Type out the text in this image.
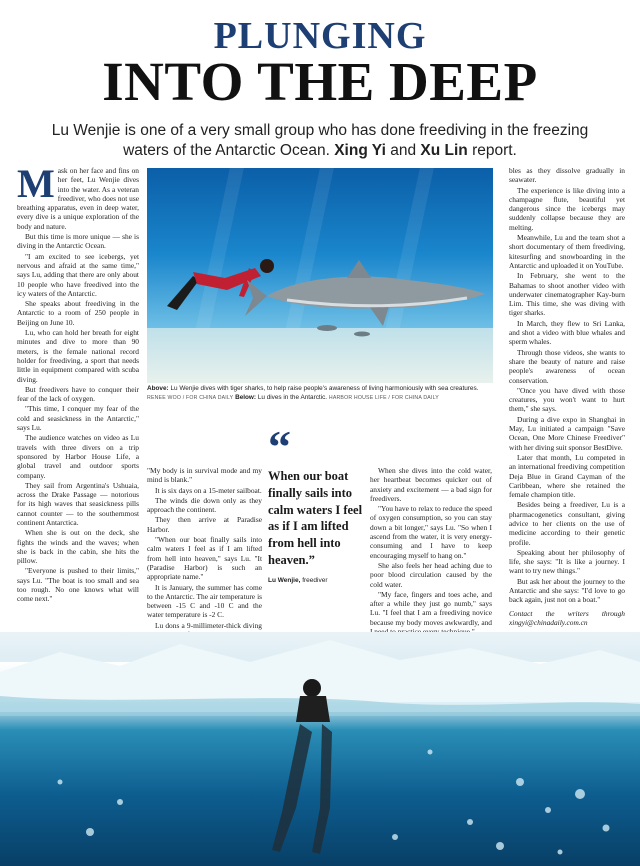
PLUNGING
INTO THE DEEP
Lu Wenjie is one of a very small group who has done freediving in the freezing waters of the Antarctic Ocean. Xing Yi and Xu Lin report.

Mask on her face and fins on her feet, Lu Wenjie dives into the water. As a veteran freediver, who does not use breathing apparatus, even in deep water, every dive is a unique exploration of the body and nature.

But this time is more unique — she is diving in the Antarctic Ocean.

"I am excited to see icebergs, yet nervous and afraid at the same time," says Lu, adding that there are only about 10 people who have freedived into the icy waters of the Antarctic.

She speaks about freediving in the Antarctic to a room of 250 people in Beijing on June 10.

Lu, who can hold her breath for eight minutes and dive to more than 90 meters, is the female national record holder for freediving, a sport that needs little in equipment compared with scuba diving.

But freedivers have to conquer their fear of the lack of oxygen.

"This time, I conquer my fear of the cold and seasickness in the Antarctic," says Lu.

The audience watches on video as Lu travels with three divers on a trip sponsored by Harbor House Life, a global travel and outdoor sports company.

They sail from Argentina's Ushuaia, across the Drake Passage — notorious for its high waves that seasickness pills cannot counter — to the southernmost continent Antarctica.

When she is out on the deck, she fights the winds and the waves; when she is back in the cabin, she hits the pillow.

"Everyone is pushed to their limits," says Lu. "The boat is too small and sea too rough. No one knows what will come next."

Above: Lu Wenjie dives with tiger sharks, to help raise people's awareness of living harmoniously with sea creatures. RENEE WOO / FOR CHINA DAILY Below: Lu dives in the Antarctic. HARBOR HOUSE LIFE / FOR CHINA DAILY

"My body is in survival mode and my mind is blank."

It is six days on a 15-meter sailboat.

The winds die down only as they approach the continent.

They then arrive at Paradise Harbor.

"When our boat finally sails into calm waters I feel as if I am lifted from hell into heaven," says Lu. "It (Paradise Harbor) is such an appropriate name."

It is January, the summer has come to the Antarctic. The air temperature is between -15 C and -10 C and the water temperature is -2 C.

Lu dons a 9-millimeter-thick diving

“
When our boat finally sails into calm waters I feel as if I am lifted from hell into heaven.”
Lu Wenjie, freediver

When she dives into the cold water, her heartbeat becomes quicker out of anxiety and excitement — a bad sign for freedivers.

"You have to relax to reduce the speed of oxygen consumption, so you can stay down a bit longer," says Lu. "So when I ascend from the water, it is very energy-consuming and I have to keep encouraging myself to hang on."

She also feels her head aching due to poor blood circulation caused by the cold water.

"My face, fingers and toes ache, and after a while they just go numb," says Lu. "I feel that I am a freediving novice because my body moves awkwardly, and

bles as they dissolve gradually in seawater.

The experience is like diving into a champagne flute, beautiful yet dangerous since the icebergs may suddenly collapse because they are melting.

Meanwhile, Lu and the team shot a short documentary of them freediving, kitesurfing and snowboarding in the Antarctic and uploaded it on YouTube.

In February, she went to the Bahamas to shoot another video with underwater cinematographer Kay-burn Lim. This time, she was diving with tiger sharks.

In March, they flew to Sri Lanka, and shot a video with blue whales and sperm whales.

Through those videos, she wants to share the beauty of nature and raise people's awareness of ocean conservation.

"Once you have dived with those creatures, you won't want to hurt them," she says.

During a dive expo in Shanghai in May, Lu initiated a campaign "Save Ocean, One More Chinese Freediver" with her diving suit sponsor BestDive.

Later that month, Lu competed in an international freediving competition Deja Blue in Grand Cayman of the Caribbean, where she retained the female champion title.

Besides being a freediver, Lu is a pharmacogenetics consultant, giving advice to her clients on the use of medicine according to their genetic profile.

Speaking about her philosophy of life, she says: "It is like a journey. I want to try new things."

But ask her about the journey to the Antarctic and she says: "I'd love to go back again, just not on a boat."

Contact the writers through xingyi@chinadaily.com.cn
